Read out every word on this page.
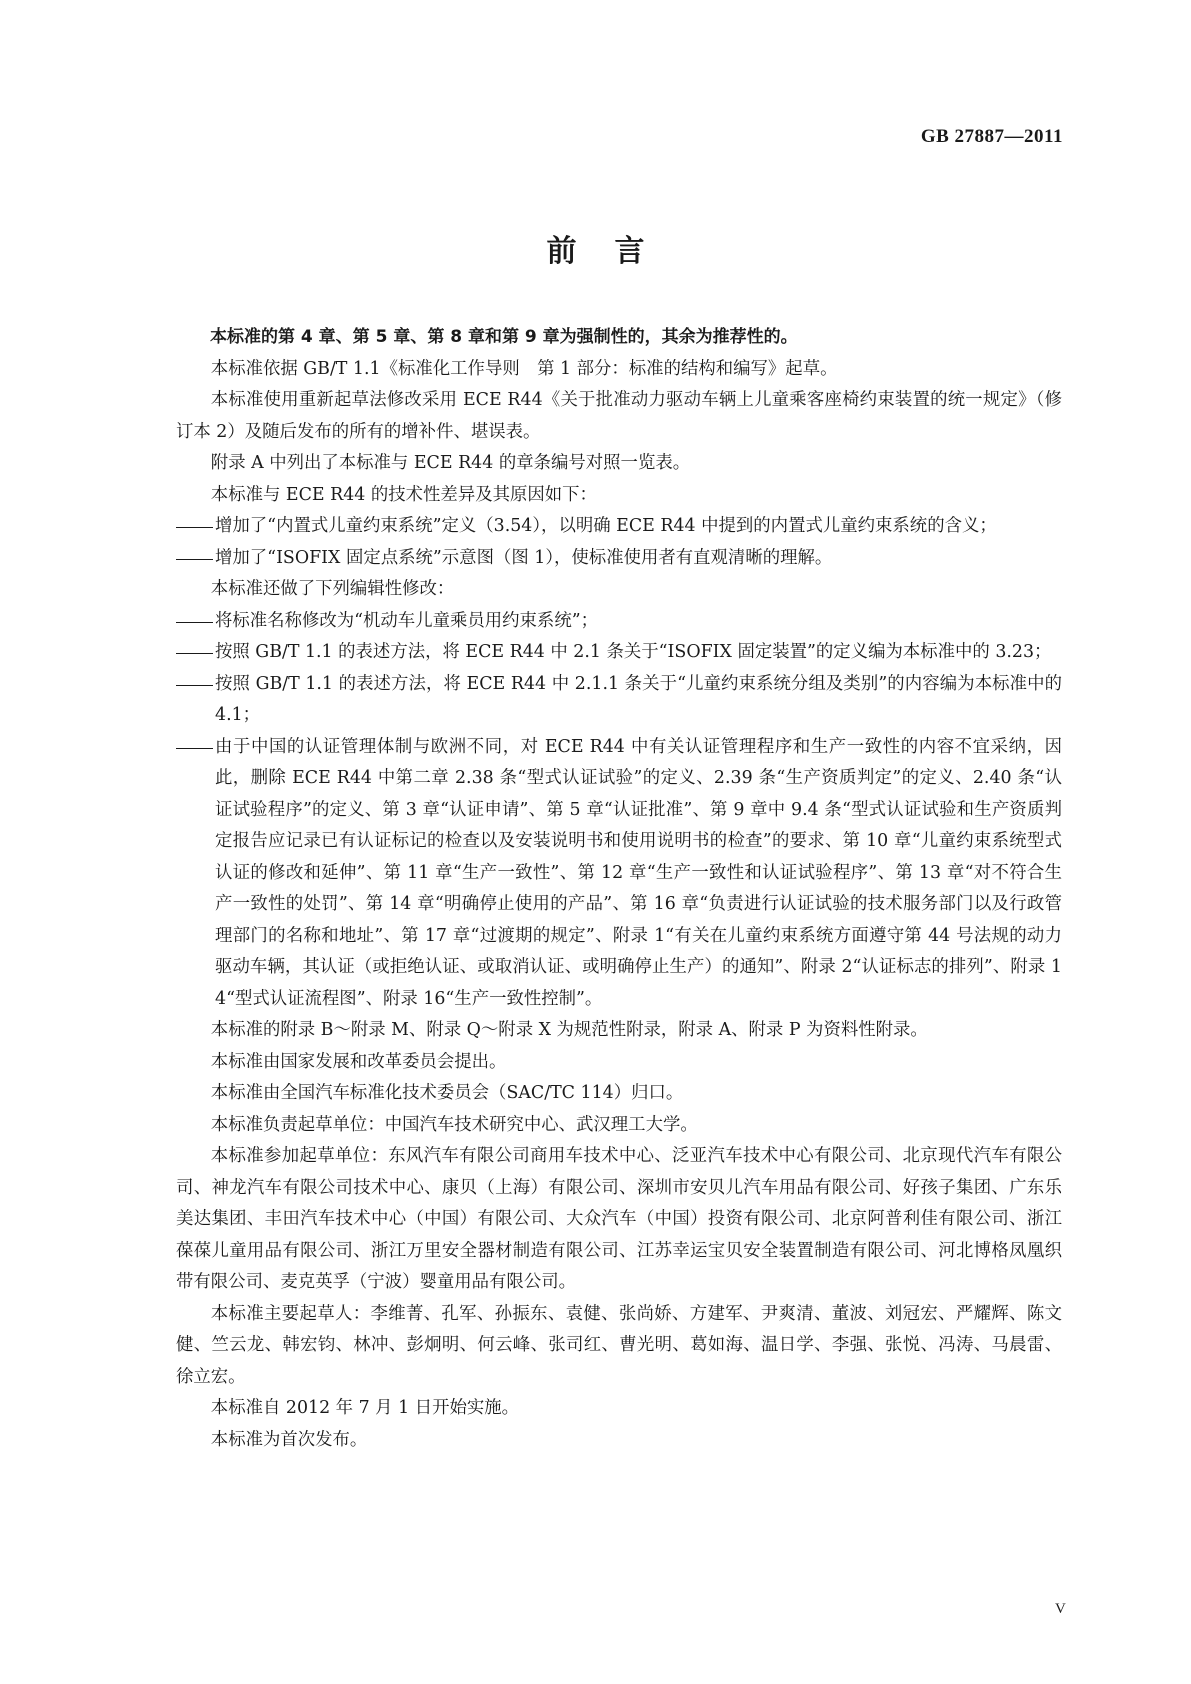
GB 27887—2011
前言

本标准的第 4 章、第 5 章、第 8 章和第 9 章为强制性的，其余为推荐性的。

本标准依据 GB/T 1.1《标准化工作导则　第 1 部分：标准的结构和编写》起草。

本标准使用重新起草法修改采用 ECE R44《关于批准动力驱动车辆上儿童乘客座椅约束装置的统一规定》（修订本 2）及随后发布的所有的增补件、堪误表。

附录 A 中列出了本标准与 ECE R44 的章条编号对照一览表。

本标准与 ECE R44 的技术性差异及其原因如下：

增加了“内置式儿童约束系统”定义（3.54），以明确 ECE R44 中提到的内置式儿童约束系统的含义；

增加了“ISOFIX 固定点系统”示意图（图 1），使标准使用者有直观清晰的理解。

本标准还做了下列编辑性修改：

将标准名称修改为“机动车儿童乘员用约束系统”；

按照 GB/T 1.1 的表述方法，将 ECE R44 中 2.1 条关于“ISOFIX 固定装置”的定义编为本标准中的 3.23；

按照 GB/T 1.1 的表述方法，将 ECE R44 中 2.1.1 条关于“儿童约束系统分组及类别”的内容编为本标准中的 4.1；

由于中国的认证管理体制与欧洲不同，对 ECE R44 中有关认证管理程序和生产一致性的内容不宜采纳，因此，删除 ECE R44 中第二章 2.38 条“型式认证试验”的定义、2.39 条“生产资质判定”的定义、2.40 条“认证试验程序”的定义、第 3 章“认证申请”、第 5 章“认证批准”、第 9 章中 9.4 条“型式认证试验和生产资质判定报告应记录已有认证标记的检查以及安装说明书和使用说明书的检查”的要求、第 10 章“儿童约束系统型式认证的修改和延伸”、第 11 章“生产一致性”、第 12 章“生产一致性和认证试验程序”、第 13 章“对不符合生产一致性的处罚”、第 14 章“明确停止使用的产品”、第 16 章“负责进行认证试验的技术服务部门以及行政管理部门的名称和地址”、第 17 章“过渡期的规定”、附录 1“有关在儿童约束系统方面遵守第 44 号法规的动力驱动车辆，其认证（或拒绝认证、或取消认证、或明确停止生产）的通知”、附录 2“认证标志的排列”、附录 14“型式认证流程图”、附录 16“生产一致性控制”。

本标准的附录 B～附录 M、附录 Q～附录 X 为规范性附录，附录 A、附录 P 为资料性附录。

本标准由国家发展和改革委员会提出。

本标准由全国汽车标准化技术委员会（SAC/TC 114）归口。

本标准负责起草单位：中国汽车技术研究中心、武汉理工大学。

本标准参加起草单位：东风汽车有限公司商用车技术中心、泛亚汽车技术中心有限公司、北京现代汽车有限公司、神龙汽车有限公司技术中心、康贝（上海）有限公司、深圳市安贝儿汽车用品有限公司、好孩子集团、广东乐美达集团、丰田汽车技术中心（中国）有限公司、大众汽车（中国）投资有限公司、北京阿普利佳有限公司、浙江葆葆儿童用品有限公司、浙江万里安全器材制造有限公司、江苏幸运宝贝安全装置制造有限公司、河北博格凤凰织带有限公司、麦克英孚（宁波）婴童用品有限公司。

本标准主要起草人：李维菁、孔军、孙振东、袁健、张尚娇、方建军、尹爽清、董波、刘冠宏、严耀辉、陈文健、竺云龙、韩宏钧、林冲、彭炯明、何云峰、张司红、曹光明、葛如海、温日学、李强、张悦、冯涛、马晨雷、徐立宏。

本标准自 2012 年 7 月 1 日开始实施。

本标准为首次发布。

V
